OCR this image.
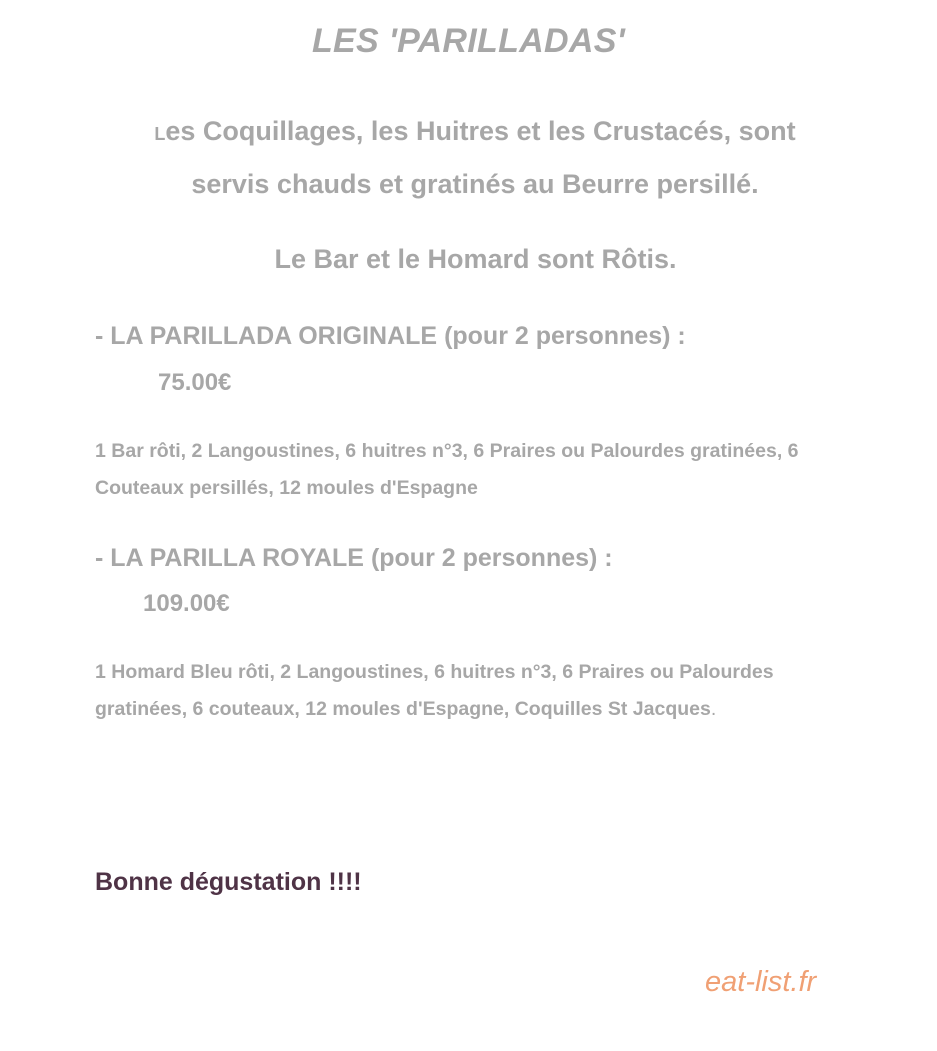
LES 'PARILLADAS'

Les Coquillages, les Huitres et les Crustacés, sont
servis chauds et gratinés au Beurre persillé.

Le Bar et le Homard sont Rôtis.

- LA PARILLADA ORIGINALE (pour 2 personnes) :

75.00€

1 Bar rôti, 2 Langoustines, 6 huitres n°3, 6 Praires ou Palourdes gratinées, 6 Couteaux persillés, 12 moules d'Espagne

- LA PARILLA ROYALE (pour 2 personnes) :

109.00€

1 Homard Bleu rôti, 2 Langoustines, 6 huitres n°3, 6 Praires ou Palourdes gratinées, 6 couteaux, 12 moules d'Espagne, Coquilles St Jacques.

Bonne dégustation !!!!

eat-list.fr
